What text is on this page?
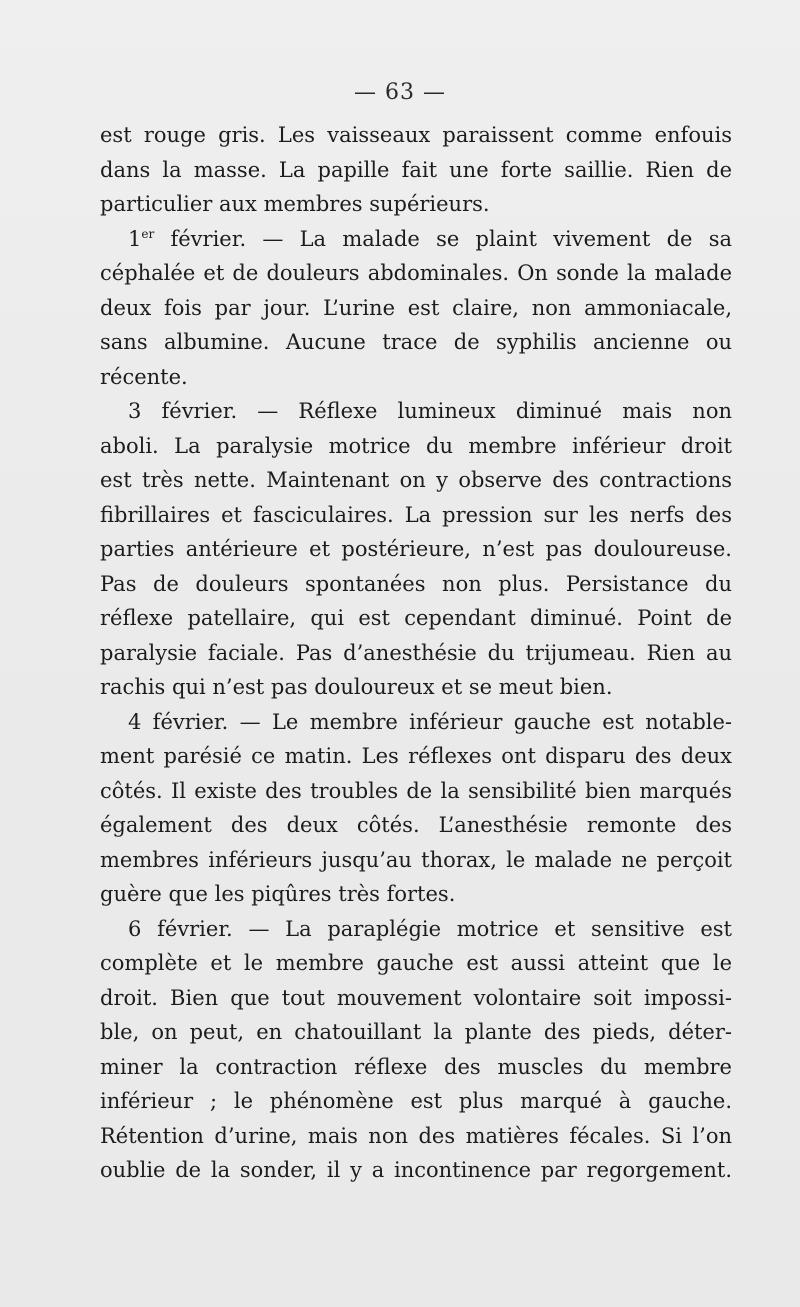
— 63 —
est rouge gris. Les vaisseaux paraissent comme enfouis
dans la masse. La papille fait une forte saillie. Rien de
particulier aux membres supérieurs.
1er février. — La malade se plaint vivement de sa
céphalée et de douleurs abdominales. On sonde la malade
deux fois par jour. L’urine est claire, non ammoniacale,
sans albumine. Aucune trace de syphilis ancienne ou
récente.
3 février. — Réflexe lumineux diminué mais non
aboli. La paralysie motrice du membre inférieur droit
est très nette. Maintenant on y observe des contractions
fibrillaires et fasciculaires. La pression sur les nerfs des
parties antérieure et postérieure, n’est pas douloureuse.
Pas de douleurs spontanées non plus. Persistance du
réflexe patellaire, qui est cependant diminué. Point de
paralysie faciale. Pas d’anesthésie du trijumeau. Rien au
rachis qui n’est pas douloureux et se meut bien.
4 février. — Le membre inférieur gauche est notable-
ment parésié ce matin. Les réflexes ont disparu des deux
côtés. Il existe des troubles de la sensibilité bien marqués
également des deux côtés. L’anesthésie remonte des
membres inférieurs jusqu’au thorax, le malade ne perçoit
guère que les piqûres très fortes.
6 février. — La paraplégie motrice et sensitive est
complète et le membre gauche est aussi atteint que le
droit. Bien que tout mouvement volontaire soit impossi-
ble, on peut, en chatouillant la plante des pieds, déter-
miner la contraction réflexe des muscles du membre
inférieur ; le phénomène est plus marqué à gauche.
Rétention d’urine, mais non des matières fécales. Si l’on
oublie de la sonder, il y a incontinence par regorgement.
